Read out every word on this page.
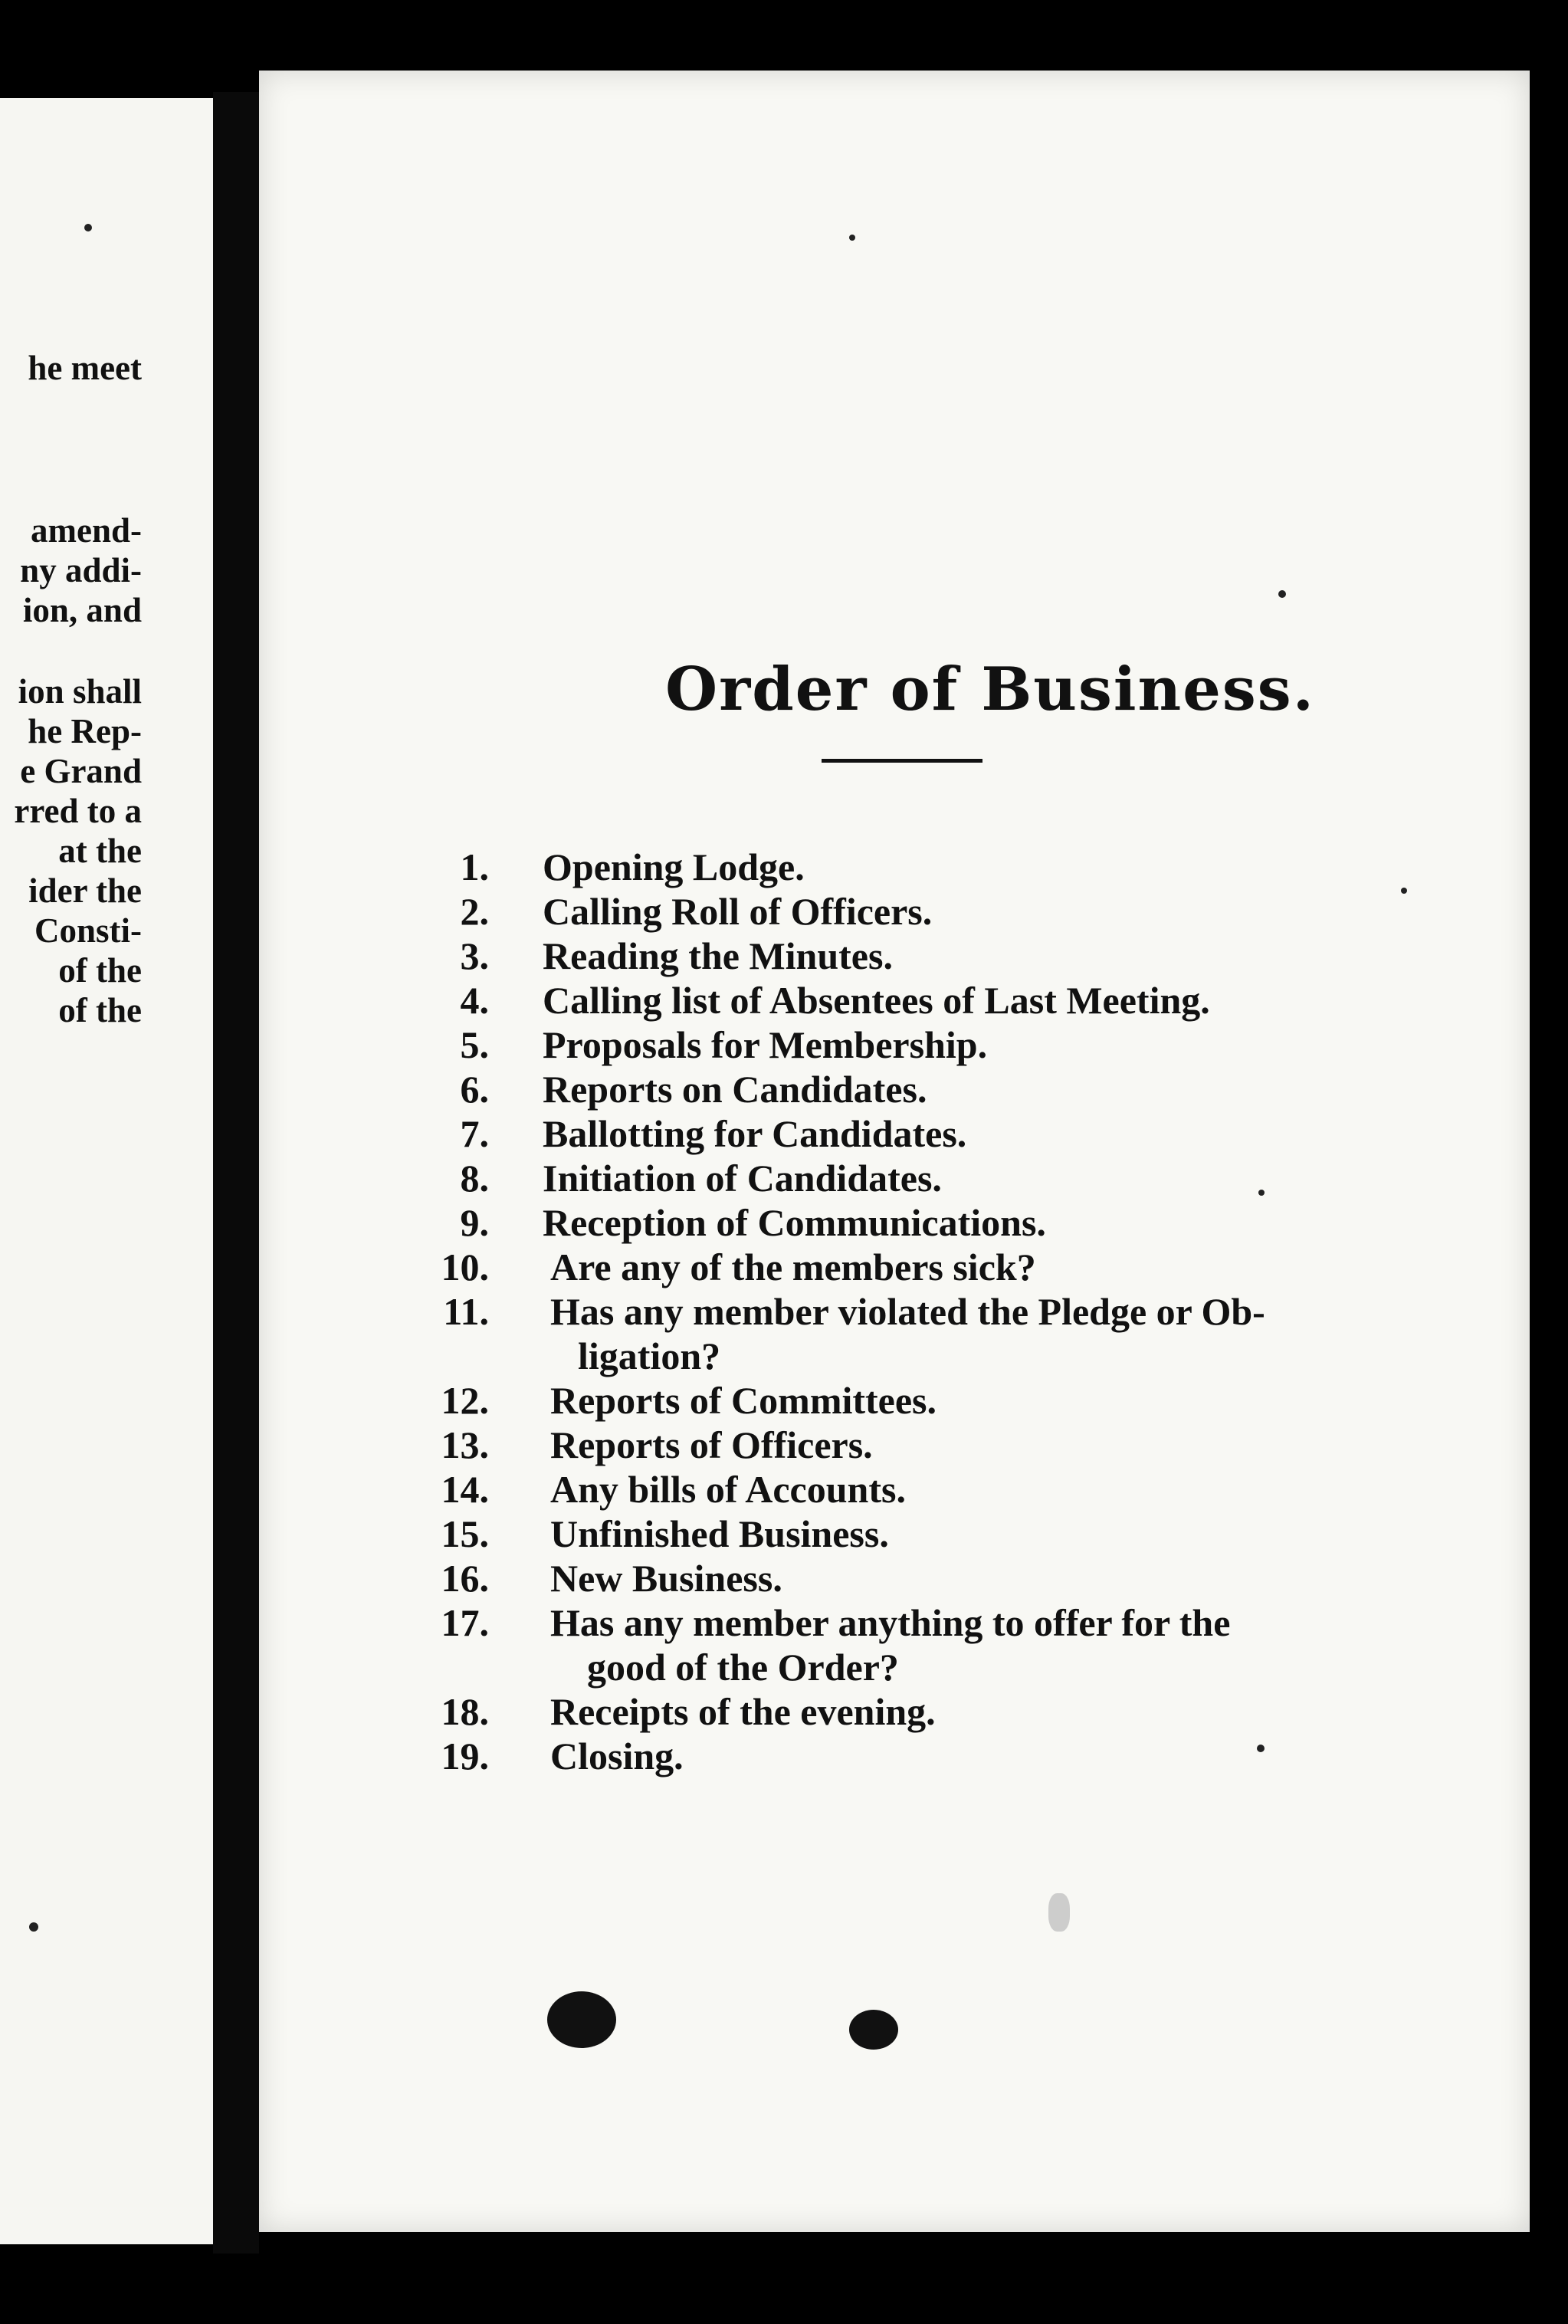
he meet
amend-
ny addi-
ion, and
ion shall
he Rep-
e Grand
rred to a
at the
ider the
Consti-
of the
of the
Order of Business.
1. Opening Lodge.
2. Calling Roll of Officers.
3. Reading the Minutes.
4. Calling list of Absentees of Last Meeting.
5. Proposals for Membership.
6. Reports on Candidates.
7. Ballotting for Candidates.
8. Initiation of Candidates.
9. Reception of Communications.
10. Are any of the members sick?
11. Has any member violated the Pledge or Ob-
ligation?
12. Reports of Committees.
13. Reports of Officers.
14. Any bills of Accounts.
15. Unfinished Business.
16. New Business.
17. Has any member anything to offer for the
good of the Order?
18. Receipts of the evening.
19. Closing.
